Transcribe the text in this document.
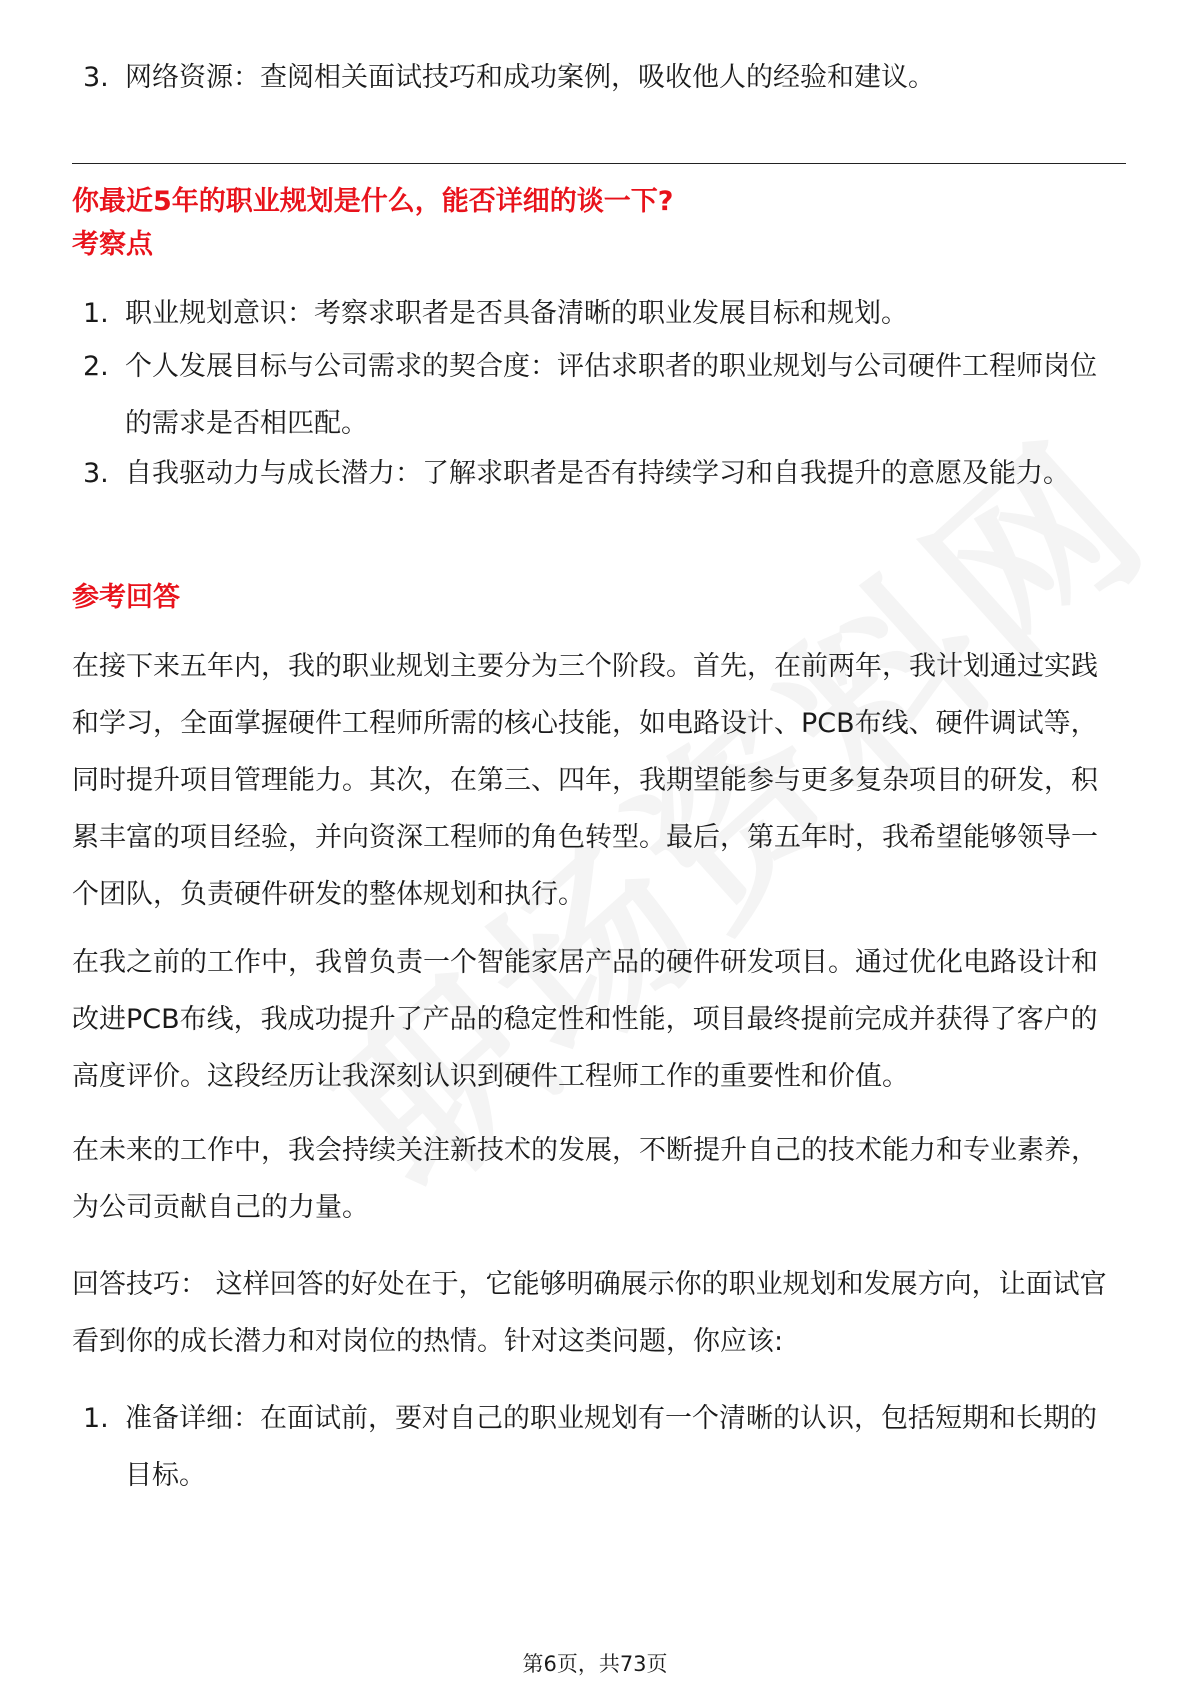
3. 网络资源：查阅相关面试技巧和成功案例，吸收他人的经验和建议。
你最近5年的职业规划是什么，能否详细的谈一下?
考察点
1. 职业规划意识：考察求职者是否具备清晰的职业发展目标和规划。
2. 个人发展目标与公司需求的契合度：评估求职者的职业规划与公司硬件工程师岗位的需求是否相匹配。
3. 自我驱动力与成长潜力：了解求职者是否有持续学习和自我提升的意愿及能力。
参考回答
在接下来五年内，我的职业规划主要分为三个阶段。首先，在前两年，我计划通过实践和学习，全面掌握硬件工程师所需的核心技能，如电路设计、PCB布线、硬件调试等，同时提升项目管理能力。其次，在第三、四年，我期望能参与更多复杂项目的研发，积累丰富的项目经验，并向资深工程师的角色转型。最后，第五年时，我希望能够领导一个团队，负责硬件研发的整体规划和执行。
在我之前的工作中，我曾负责一个智能家居产品的硬件研发项目。通过优化电路设计和改进PCB布线，我成功提升了产品的稳定性和性能，项目最终提前完成并获得了客户的高度评价。这段经历让我深刻认识到硬件工程师工作的重要性和价值。
在未来的工作中，我会持续关注新技术的发展，不断提升自己的技术能力和专业素养，为公司贡献自己的力量。
回答技巧： 这样回答的好处在于，它能够明确展示你的职业规划和发展方向，让面试官看到你的成长潜力和对岗位的热情。针对这类问题，你应该:
1. 准备详细：在面试前，要对自己的职业规划有一个清晰的认识，包括短期和长期的目标。
第6页，共73页
